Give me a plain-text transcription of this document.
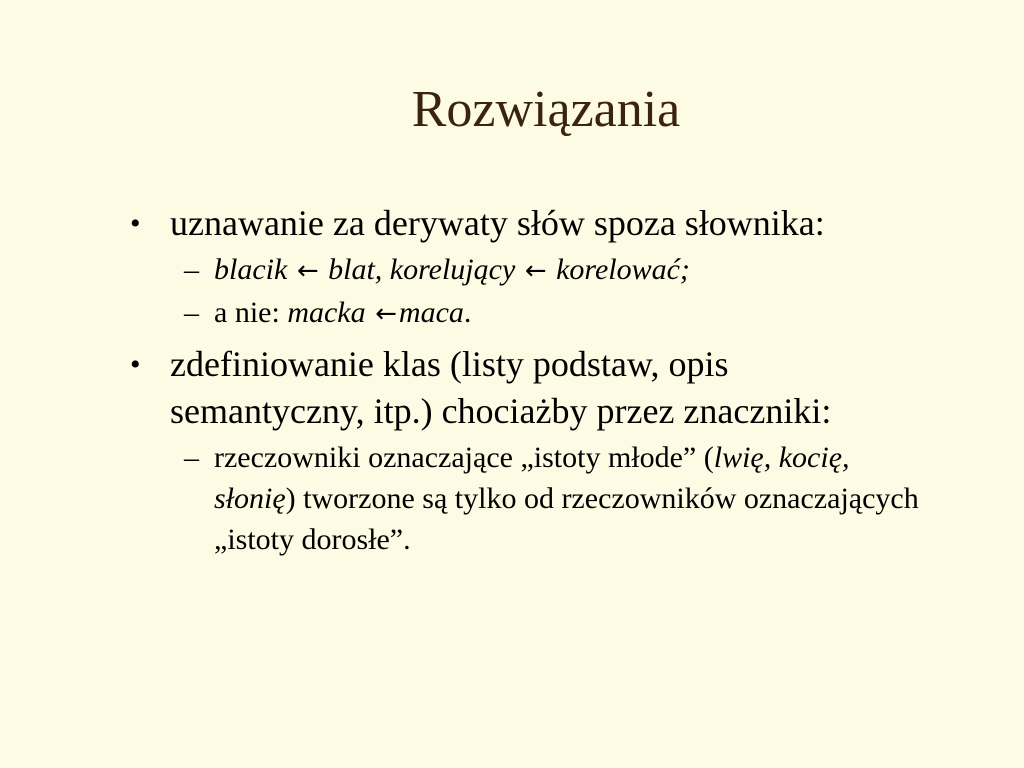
Rozwiązania
• uznawanie za derywaty słów spoza słownika:
– blacik ← blat, korelujący ← korelować;
– a nie: macka ←maca.
• zdefiniowanie klas (listy podstaw, opis semantyczny, itp.) chociażby przez znaczniki:
– rzeczowniki oznaczające „istoty młode” (lwię, kocię, słonię) tworzone są tylko od rzeczowników oznaczających „istoty dorosłe”.
